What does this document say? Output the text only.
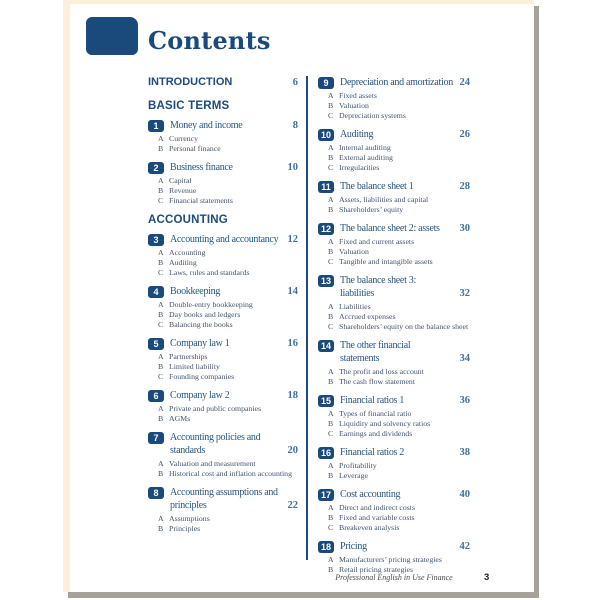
Contents
INTRODUCTION	6
BASIC TERMS
1	Money and income	8
A Currency
B Personal finance
2	Business finance	10
A Capital
B Revenue
C Financial statements
ACCOUNTING
3	Accounting and accountancy 12
A Accounting
B Auditing
C Laws, rules and standards
4	Bookkeeping	14
A Double-entry bookkeeping
B Day books and ledgers
C Balancing the books
5	Company law 1	16
A Partnerships
B Limited liability
C Founding companies
6	Company law 2	18
A Private and public companies
B AGMs
7	Accounting policies and
standards	20
A Valuation and measurement
B Historical cost and inflation accounting
8	Accounting assumptions and
principles	22
A Assumptions
B Principles
9	Depreciation and amortization 24
A Fixed assets
B Valuation
C Depreciation systems
10 Auditing	26
A Internal auditing
B External auditing
C Irregularities
11 The balance sheet 1	28
A Assets, liabilities and capital
B Shareholders’ equity
12 The balance sheet 2: assets	30
A Fixed and current assets
B Valuation
C Tangible and intangible assets
13 The balance sheet 3:
liabilities	32
A Liabilities
B Accrued expenses
C Shareholders’ equity on the balance sheet
14 The other financial
statements	34
A The profit and loss account
B The cash flow statement
15 Financial ratios 1	36
A Types of financial ratio
B Liquidity and solvency ratios
C Earnings and dividends
16 Financial ratios 2	38
A Profitability
B Leverage
17 Cost accounting	40
A Direct and indirect costs
B Fixed and variable costs
C Breakeven analysis
18 Pricing	42
A Manufacturers’ pricing strategies
B Retail pricing strategies
Professional English in Use Finance	3
